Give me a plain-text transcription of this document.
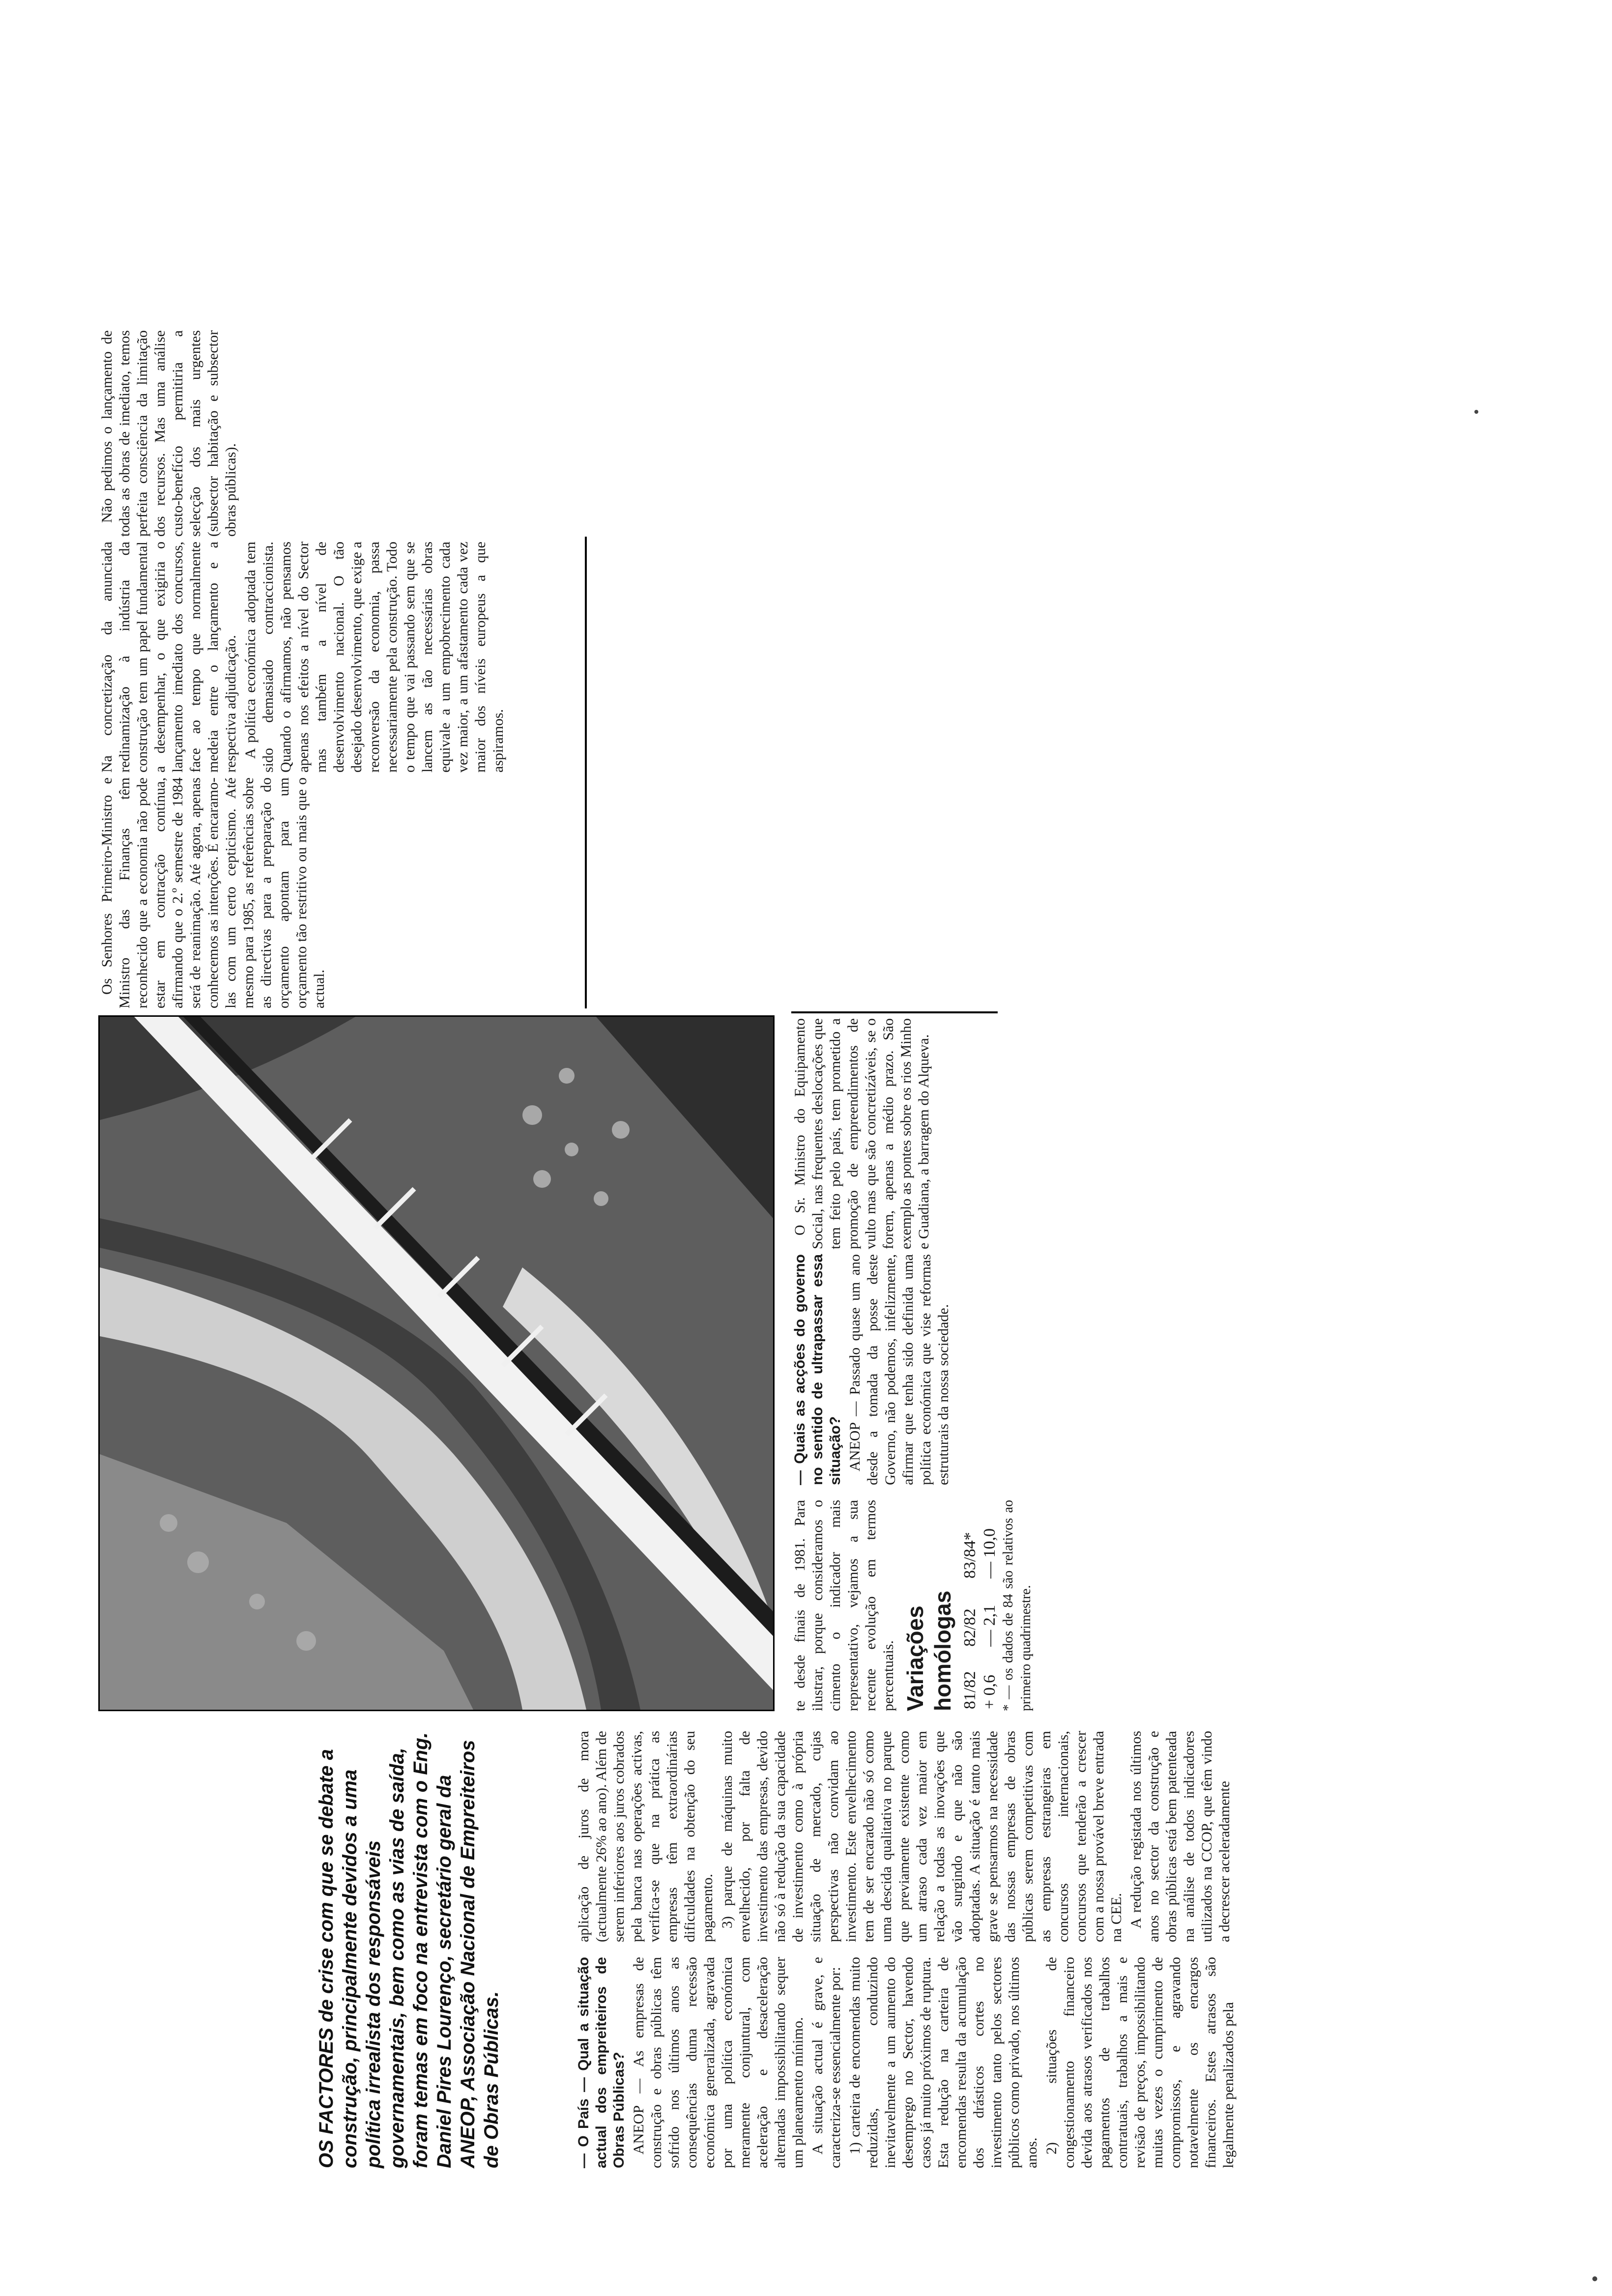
OS FACTORES de crise com que se debate a construção, principalmente devidos a uma política irrealista dos responsáveis governamentais, bem como as vias de saída, foram temas em foco na entrevista com o Eng. Daniel Pires Lourenço, secretário geral da ANEOP, Associação Nacional de Empreiteiros de Obras Públicas.	— O País — Qual a situação actual dos empreiteiros de Obras Públicas? ANEOP — As empresas de construção e obras públicas têm sofrido nos últimos anos as consequências duma recessão económica generalizada, agravada por uma política económica meramente conjuntural, com aceleração e desaceleração alternadas impossibilitando sequer um planeamento mínimo. A situação actual é grave, e caracteriza-se essencialmente por: 1) carteira de encomendas muito reduzidas, conduzindo inevitavelmente a um aumento do desemprego no Sector, havendo casos já muito próximos de ruptura. Esta redução na carteira de encomendas resulta da acumulação dos drásticos cortes no investimento tanto pelos sectores públicos como privado, nos últimos anos. 2) situações de congestionamento financeiro devida aos atrasos verificados nos pagamentos de trabalhos contratuais, trabalhos a mais e revisão de preços, impossibilitando muitas vezes o cumprimento de compromissos, e agravando notavelmente os encargos financeiros. Estes atrasos são legalmente penalizados pela

aplicação de juros de mora (actualmente 26% ao ano). Além de serem inferiores aos juros cobrados pela banca nas operações activas, verifica-se que na prática as empresas têm extraordinárias dificuldades na obtenção do seu pagamento. 3) parque de máquinas muito envelhecido, por falta de investimento das empresas, devido não só à redução da sua capacidade de investimento como à própria situação de mercado, cujas perspectivas não convidam ao investimento. Este envelhecimento tem de ser encarado não só como uma descida qualitativa no parque que previamente existente como um atraso cada vez maior em relação a todas as inovações que vão surgindo e que não são adoptadas. A situação é tanto mais grave se pensarmos na necessidade das nossas empresas de obras públicas serem competitivas com as empresas estrangeiras em concursos internacionais, concursos que tenderão a crescer com a nossa provável breve entrada na CEE. A redução registada nos últimos anos no sector da construção e obras públicas está bem patenteada na análise de todos indicadores utilizados na CCOP, que têm vindo a decrescer aceleradamente

te desde finais de 1981. Para ilustrar, porque consideramos o cimento o indicador mais representativo, vejamos a sua recente evolução em termos percentuais. Variações homólogas 81/82	82/82	83/84*
+ 0,6	— 2,1	— 10,0 * — os dados de 84 são relativos ao primeiro quadrimestre.

— Quais as acções do governo no sentido de ultrapassar essa situação? ANEOP — Passado quase um ano desde a tomada da posse deste Governo, não podemos, infelizmente, afirmar que tenha sido definida uma política económica que vise reformas estruturais da nossa sociedade.

O Sr. Ministro do Equipamento Social, nas frequentes deslocações que tem feito pelo país, tem prometido a promoção de empreendimentos de vulto mas que são concretizáveis, se o forem, apenas a médio prazo. São exemplo as pontes sobre os rios Minho e Guadiana, a barragem do Alqueva.

Os Senhores Primeiro-Ministro e Ministro das Finanças têm reconhecido que a economia não pode estar em contracção contínua, afirmando que o 2.º semestre de 1984 será de reanimação. Até agora, apenas conhecemos as intenções. É encaramo-las com um certo cepticismo. Até mesmo para 1985, as referências sobre as directivas para a preparação do orçamento apontam para um orçamento tão restritivo ou mais que o actual.

Na concretização da anunciada redinamização à indústria da construção tem um papel fundamental a desempenhar, o que exigiria o lançamento imediato dos concursos, face ao tempo que normalmente medeia entre o lançamento e a respectiva adjudicação. A política económica adoptada tem sido demasiado contraccionista. Quando o afirmamos, não pensamos apenas nos efeitos a nível do Sector mas também a nível de desenvolvimento nacional. O tão desejado desenvolvimento, que exige a reconversão da economia, passa necessariamente pela construção. Todo o tempo que vai passando sem que se lancem as tão necessárias obras equivale a um empobrecimento cada vez maior, a um afastamento cada vez maior dos níveis europeus a que aspiramos.

Não pedimos o lançamento de todas as obras de imediato, temos perfeita consciência da limitação dos recursos. Mas uma análise custo-benefício permitiria a selecção dos mais urgentes (subsector habitação e subsector obras públicas).
